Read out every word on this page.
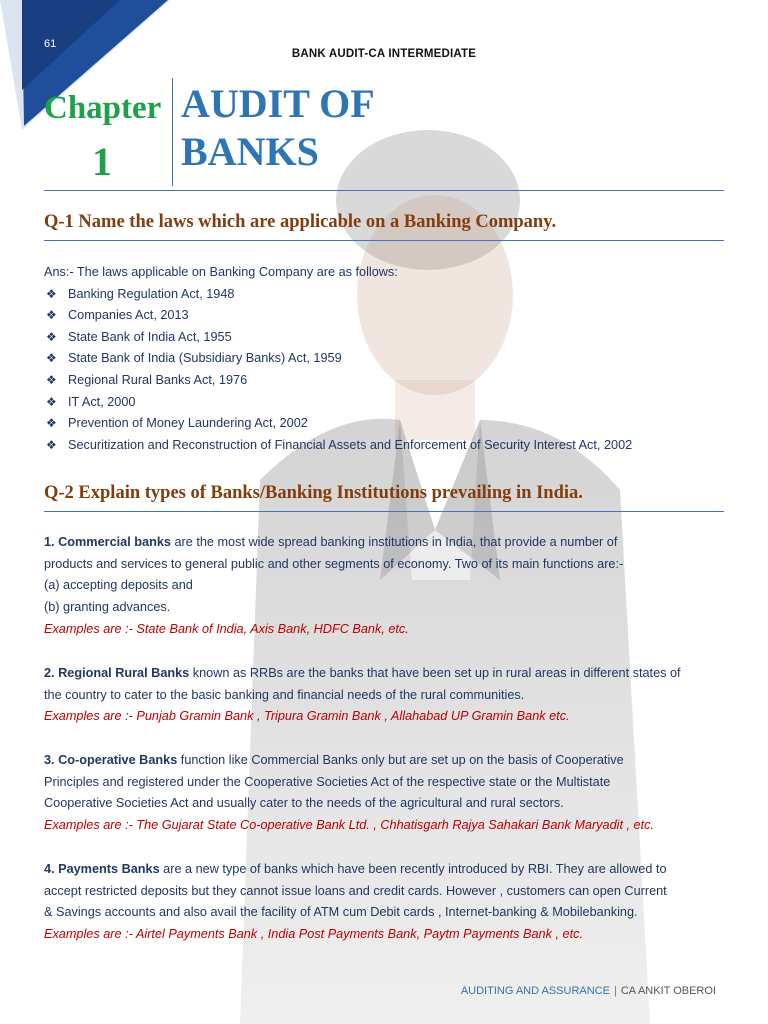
61
BANK AUDIT-CA INTERMEDIATE
Chapter
1
AUDIT OF
BANKS
Q-1 Name the laws which are applicable on a Banking Company.
Ans:- The laws applicable on Banking Company are as follows:
❖ Banking Regulation Act, 1948
❖ Companies Act, 2013
❖ State Bank of India Act, 1955
❖ State Bank of India (Subsidiary Banks) Act, 1959
❖ Regional Rural Banks Act, 1976
❖ IT Act, 2000
❖ Prevention of Money Laundering Act, 2002
❖ Securitization and Reconstruction of Financial Assets and Enforcement of Security Interest Act, 2002
Q-2 Explain types of Banks/Banking Institutions prevailing in India.
1. Commercial banks are the most wide spread banking institutions in India, that provide a number of
products and services to general public and other segments of economy. Two of its main functions are:-
(a) accepting deposits and
(b) granting advances.
Examples are :- State Bank of India, Axis Bank, HDFC Bank, etc.
2. Regional Rural Banks known as RRBs are the banks that have been set up in rural areas in different states of
the country to cater to the basic banking and financial needs of the rural communities.
Examples are :- Punjab Gramin Bank , Tripura Gramin Bank , Allahabad UP Gramin Bank etc.
3. Co-operative Banks function like Commercial Banks only but are set up on the basis of Cooperative
Principles and registered under the Cooperative Societies Act of the respective state or the Multistate
Cooperative Societies Act and usually cater to the needs of the agricultural and rural sectors.
Examples are :- The Gujarat State Co-operative Bank Ltd. , Chhatisgarh Rajya Sahakari Bank Maryadit , etc.
4. Payments Banks are a new type of banks which have been recently introduced by RBI. They are allowed to
accept restricted deposits but they cannot issue loans and credit cards. However , customers can open Current
& Savings accounts and also avail the facility of ATM cum Debit cards , Internet-banking & Mobilebanking.
Examples are :- Airtel Payments Bank , India Post Payments Bank, Paytm Payments Bank , etc.
AUDITING AND ASSURANCE | CA ANKIT OBEROI
